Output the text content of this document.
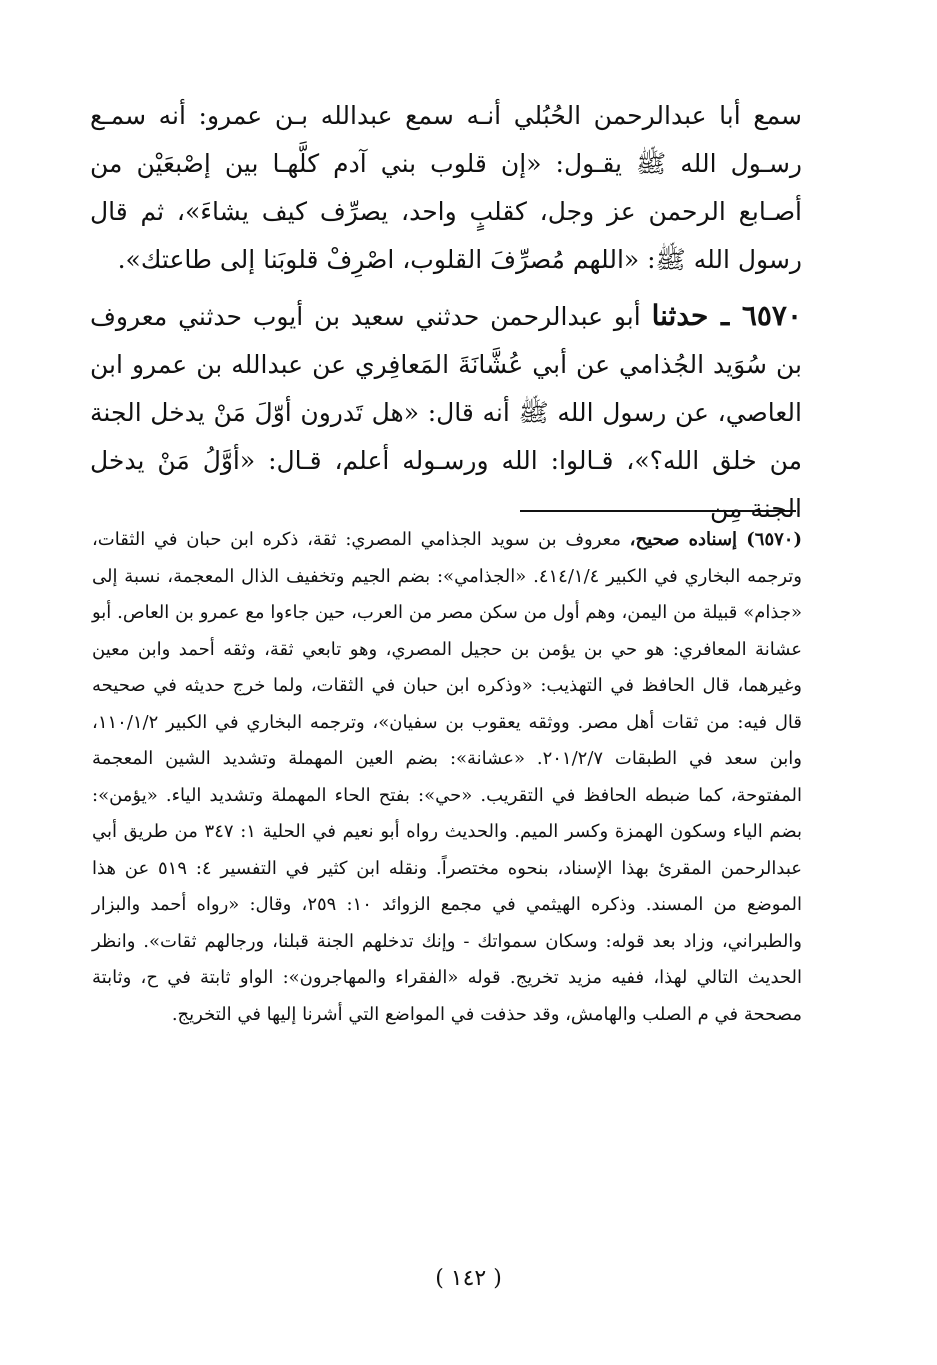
سمع أبا عبدالرحمن الحُبُلي أنـه سمع عبدالله بـن عمرو: أنه سمـع رسـول الله ﷺ يقـول: «إن قلوب بني آدم كلَّهـا بين إصْبعَيْن من أصـابع الرحمن عز وجل، كقلبٍ واحد، يصرِّف كيف يشاءَ»، ثم قال رسول الله ﷺ: «اللهم مُصرِّفَ القلوب، اصْرِفْ قلوبَنا إلى طاعتك».

٦٥٧٠ ـ حدثنا أبو عبدالرحمن حدثني سعيد بن أيوب حدثني معروف بن سُوَيد الجُذامي عن أبي عُشَّانَةَ المَعافِري عن عبدالله بن عمرو ابن العاصي، عن رسول الله ﷺ أنه قال: «هل تَدرون أوّلَ مَنْ يدخل الجنة من خلق الله؟»، قـالوا: الله ورسـوله أعلم، قـال: «أوَّلُ مَنْ يدخل الجنة مِن

(٦٥٧٠) إسناده صحيح، معروف بن سويد الجذامي المصري: ثقة، ذكره ابن حبان في الثقات، وترجمه البخاري في الكبير ٤١٤/١/٤. «الجذامي»: بضم الجيم وتخفيف الذال المعجمة، نسبة إلى «جذام» قبيلة من اليمن، وهم أول من سكن مصر من العرب، حين جاءوا مع عمرو بن العاص. أبو عشانة المعافري: هو حي بن يؤمن بن حجيل المصري، وهو تابعي ثقة، وثقه أحمد وابن معين وغيرهما، قال الحافظ في التهذيب: «وذكره ابن حبان في الثقات، ولما خرج حديثه في صحيحه قال فيه: من ثقات أهل مصر. ووثقه يعقوب بن سفيان»، وترجمه البخاري في الكبير ١١٠/١/٢، وابن سعد في الطبقات ٢٠١/٢/٧. «عشانة»: بضم العين المهملة وتشديد الشين المعجمة المفتوحة، كما ضبطه الحافظ في التقريب. «حي»: بفتح الحاء المهملة وتشديد الياء. «يؤمن»: بضم الياء وسكون الهمزة وكسر الميم. والحديث رواه أبو نعيم في الحلية ١: ٣٤٧ من طريق أبي عبدالرحمن المقرئ بهذا الإسناد، بنحوه مختصراً. ونقله ابن كثير في التفسير ٤: ٥١٩ عن هذا الموضع من المسند. وذكره الهيثمي في مجمع الزوائد ١٠: ٢٥٩، وقال: «رواه أحمد والبزار والطبراني، وزاد بعد قوله: وسكان سمواتك - وإنك تدخلهم الجنة قبلنا، ورجالهم ثقات». وانظر الحديث التالي لهذا، ففيه مزيد تخريج. قوله «الفقراء والمهاجرون»: الواو ثابتة في ح، وثابتة مصححة في م الصلب والهامش، وقد حذفت في المواضع التي أشرنا إليها في التخريج.

( ١٤٢ )
